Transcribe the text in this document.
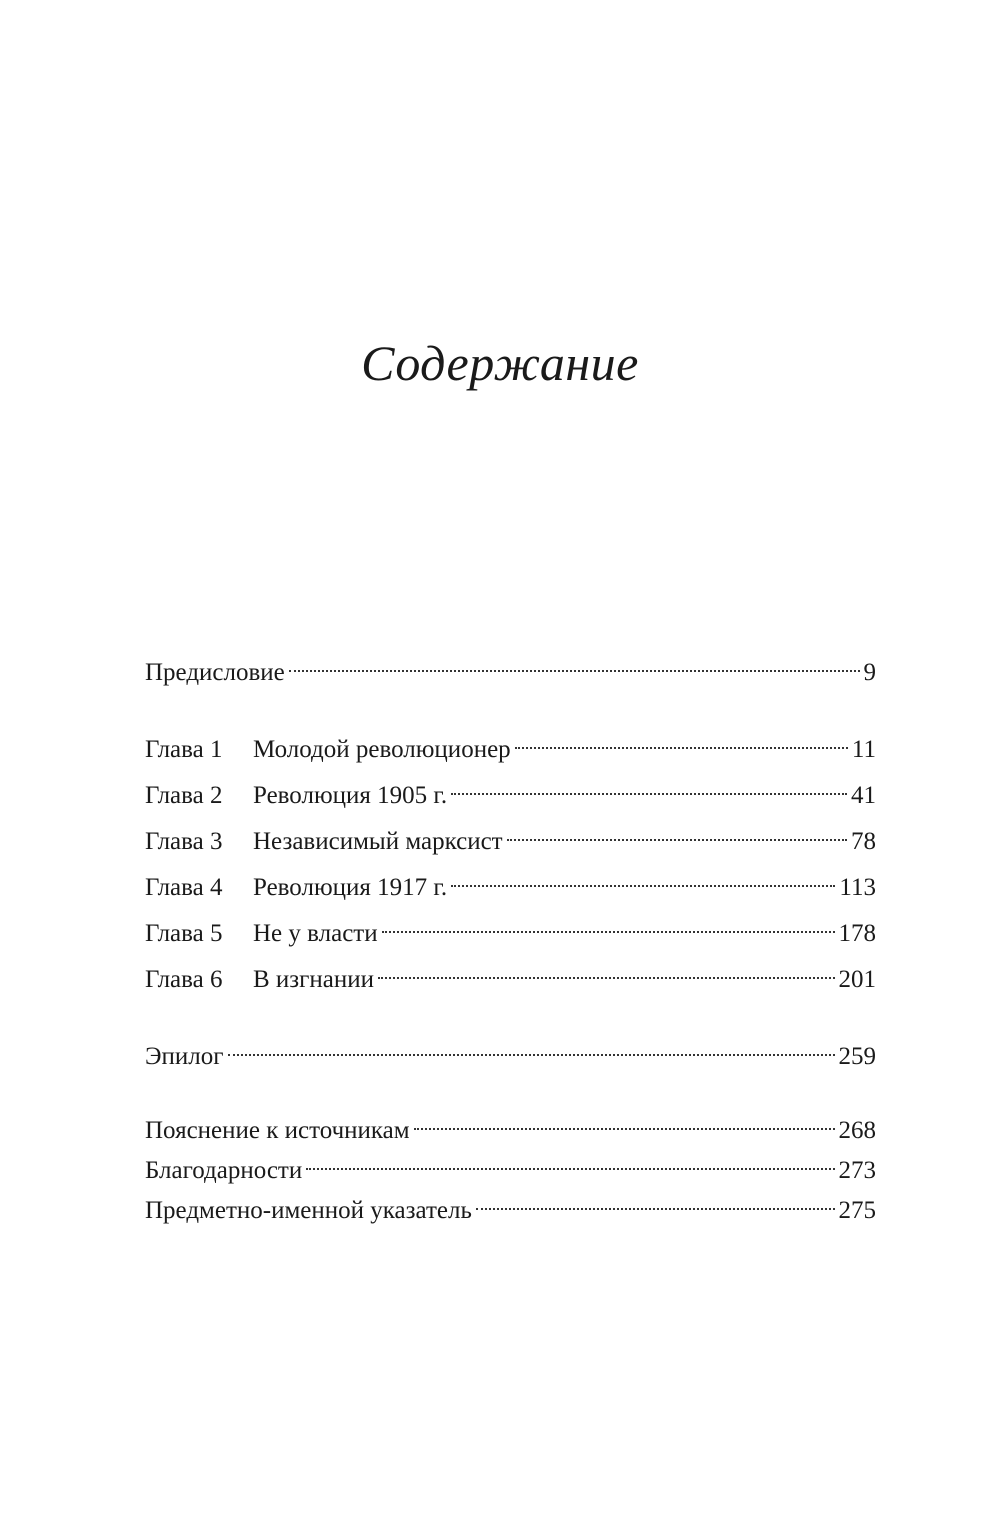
Содержание
Предисловие	9
Глава 1	Молодой революционер	11
Глава 2	Революция 1905 г.	41
Глава 3	Независимый марксист	78
Глава 4	Революция 1917 г.	113
Глава 5	Не у власти	178
Глава 6	В изгнании	201
Эпилог	259
Пояснение к источникам	268
Благодарности	273
Предметно-именной указатель	275
